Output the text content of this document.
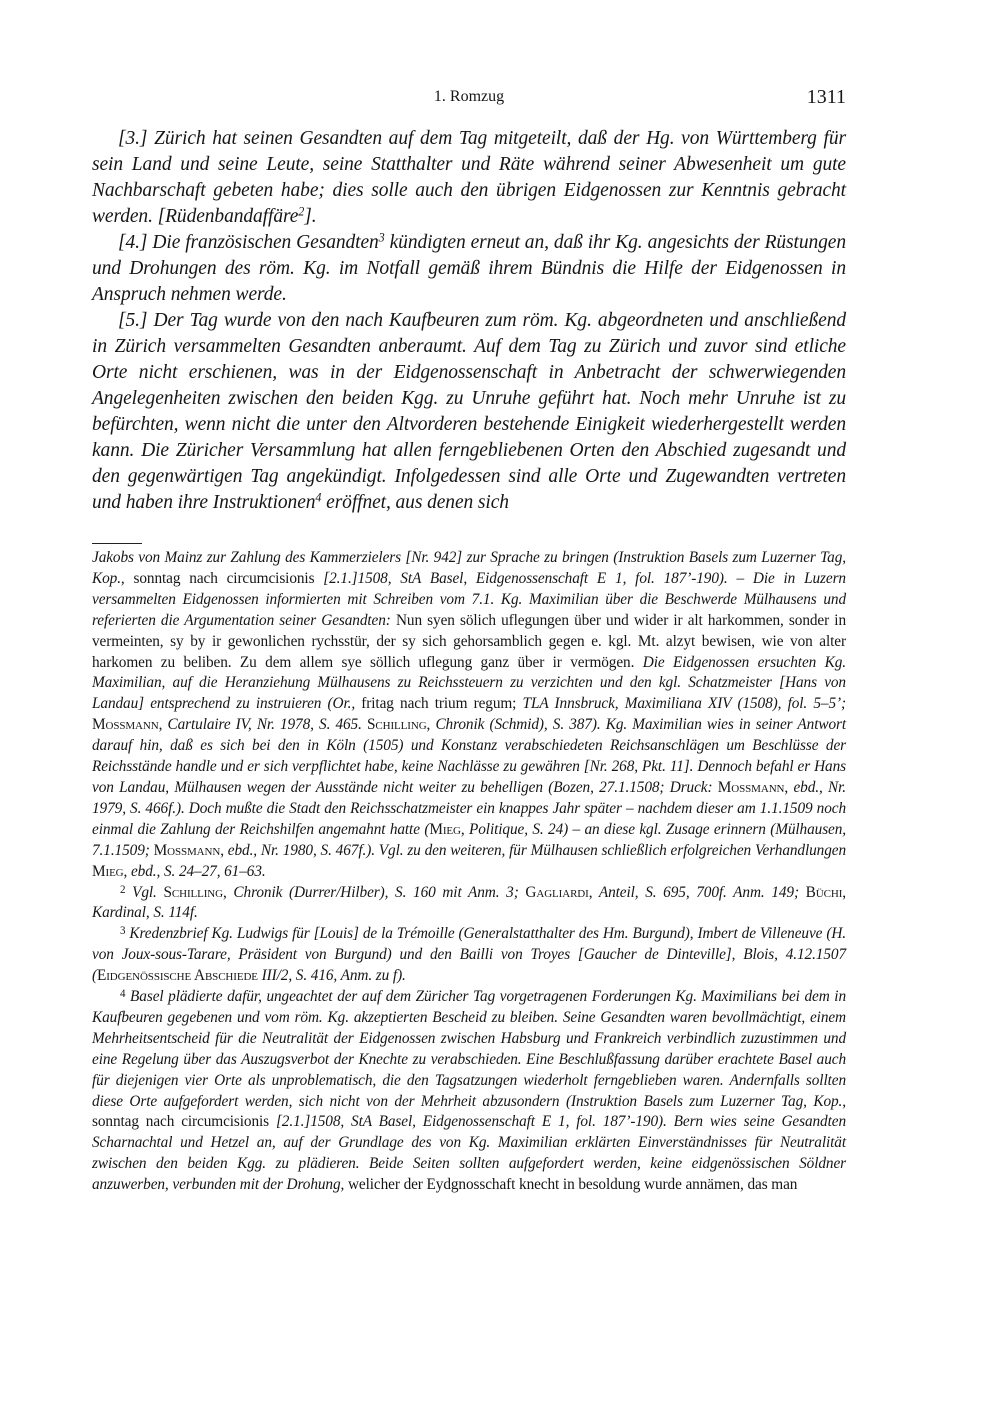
1. Romzug	1311

[3.] Zürich hat seinen Gesandten auf dem Tag mitgeteilt, daß der Hg. von Württemberg für sein Land und seine Leute, seine Statthalter und Räte während seiner Abwesenheit um gute Nachbarschaft gebeten habe; dies solle auch den übrigen Eidgenossen zur Kenntnis gebracht werden. [Rüdenbandaffäre$^2$].

[4.] Die französischen Gesandten$^3$ kündigten erneut an, daß ihr Kg. angesichts der Rüstungen und Drohungen des röm. Kg. im Notfall gemäß ihrem Bündnis die Hilfe der Eidgenossen in Anspruch nehmen werde.

[5.] Der Tag wurde von den nach Kaufbeuren zum röm. Kg. abgeordneten und anschließend in Zürich versammelten Gesandten anberaumt. Auf dem Tag zu Zürich und zuvor sind etliche Orte nicht erschienen, was in der Eidgenossenschaft in Anbetracht der schwerwiegenden Angelegenheiten zwischen den beiden Kgg. zu Unruhe geführt hat. Noch mehr Unruhe ist zu befürchten, wenn nicht die unter den Altvorderen bestehende Einigkeit wiederhergestellt werden kann. Die Züricher Versammlung hat allen ferngebliebenen Orten den Abschied zugesandt und den gegenwärtigen Tag angekündigt. Infolgedessen sind alle Orte und Zugewandten vertreten und haben ihre Instruktionen$^4$ eröffnet, aus denen sich

Jakobs von Mainz zur Zahlung des Kammerzielers [Nr. 942] zur Sprache zu bringen (Instruktion Basels zum Luzerner Tag, Kop., sonntag nach circumcisionis [2.1.]1508, StA Basel, Eidgenossenschaft E 1, fol. 187’-190). – Die in Luzern versammelten Eidgenossen informierten mit Schreiben vom 7.1. Kg. Maximilian über die Beschwerde Mülhausens und referierten die Argumentation seiner Gesandten: Nun syen sölich uflegungen über und wider ir alt harkommen, sonder in vermeinten, sy by ir gewonlichen rychsstür, der sy sich gehorsamblich gegen e. kgl. Mt. alzyt bewisen, wie von alter harkomen zu beliben. Zu dem allem sye söllich uflegung ganz über ir vermögen. Die Eidgenossen ersuchten Kg. Maximilian, auf die Heranziehung Mülhausens zu Reichssteuern zu verzichten und den kgl. Schatzmeister [Hans von Landau] entsprechend zu instruieren (Or., fritag nach trium regum; TLA Innsbruck, Maximiliana XIV (1508), fol. 5–5’; Mossmann, Cartulaire IV, Nr. 1978, S. 465. Schilling, Chronik (Schmid), S. 387). Kg. Maximilian wies in seiner Antwort darauf hin, daß es sich bei den in Köln (1505) und Konstanz verabschiedeten Reichsanschlägen um Beschlüsse der Reichsstände handle und er sich verpflichtet habe, keine Nachlässe zu gewähren [Nr. 268, Pkt. 11]. Dennoch befahl er Hans von Landau, Mülhausen wegen der Ausstände nicht weiter zu behelligen (Bozen, 27.1.1508; Druck: Mossmann, ebd., Nr. 1979, S. 466f.). Doch mußte die Stadt den Reichsschatzmeister ein knappes Jahr später – nachdem dieser am 1.1.1509 noch einmal die Zahlung der Reichshilfen angemahnt hatte (Mieg, Politique, S. 24) – an diese kgl. Zusage erinnern (Mülhausen, 7.1.1509; Mossmann, ebd., Nr. 1980, S. 467f.). Vgl. zu den weiteren, für Mülhausen schließlich erfolgreichen Verhandlungen Mieg, ebd., S. 24–27, 61–63.

$^2$ Vgl. Schilling, Chronik (Durrer/Hilber), S. 160 mit Anm. 3; Gagliardi, Anteil, S. 695, 700f. Anm. 149; Büchi, Kardinal, S. 114f.

$^3$ Kredenzbrief Kg. Ludwigs für [Louis] de la Trémoille (Generalstatthalter des Hm. Burgund), Imbert de Villeneuve (H. von Joux-sous-Tarare, Präsident von Burgund) und den Bailli von Troyes [Gaucher de Dinteville], Blois, 4.12.1507 (Eidgenössische Abschiede III/2, S. 416, Anm. zu f).

$^4$ Basel plädierte dafür, ungeachtet der auf dem Züricher Tag vorgetragenen Forderungen Kg. Maximilians bei dem in Kaufbeuren gegebenen und vom röm. Kg. akzeptierten Bescheid zu bleiben. Seine Gesandten waren bevollmächtigt, einem Mehrheitsentscheid für die Neutralität der Eidgenossen zwischen Habsburg und Frankreich verbindlich zuzustimmen und eine Regelung über das Auszugsverbot der Knechte zu verabschieden. Eine Beschlußfassung darüber erachtete Basel auch für diejenigen vier Orte als unproblematisch, die den Tagsatzungen wiederholt ferngeblieben waren. Andernfalls sollten diese Orte aufgefordert werden, sich nicht von der Mehrheit abzusondern (Instruktion Basels zum Luzerner Tag, Kop., sonntag nach circumcisionis [2.1.]1508, StA Basel, Eidgenossenschaft E 1, fol. 187’-190). Bern wies seine Gesandten Scharnachtal und Hetzel an, auf der Grundlage des von Kg. Maximilian erklärten Einverständnisses für Neutralität zwischen den beiden Kgg. zu plädieren. Beide Seiten sollten aufgefordert werden, keine eidgenössischen Söldner anzuwerben, verbunden mit der Drohung, welicher der Eydgnosschaft knecht in besoldung wurde annämen, das man
